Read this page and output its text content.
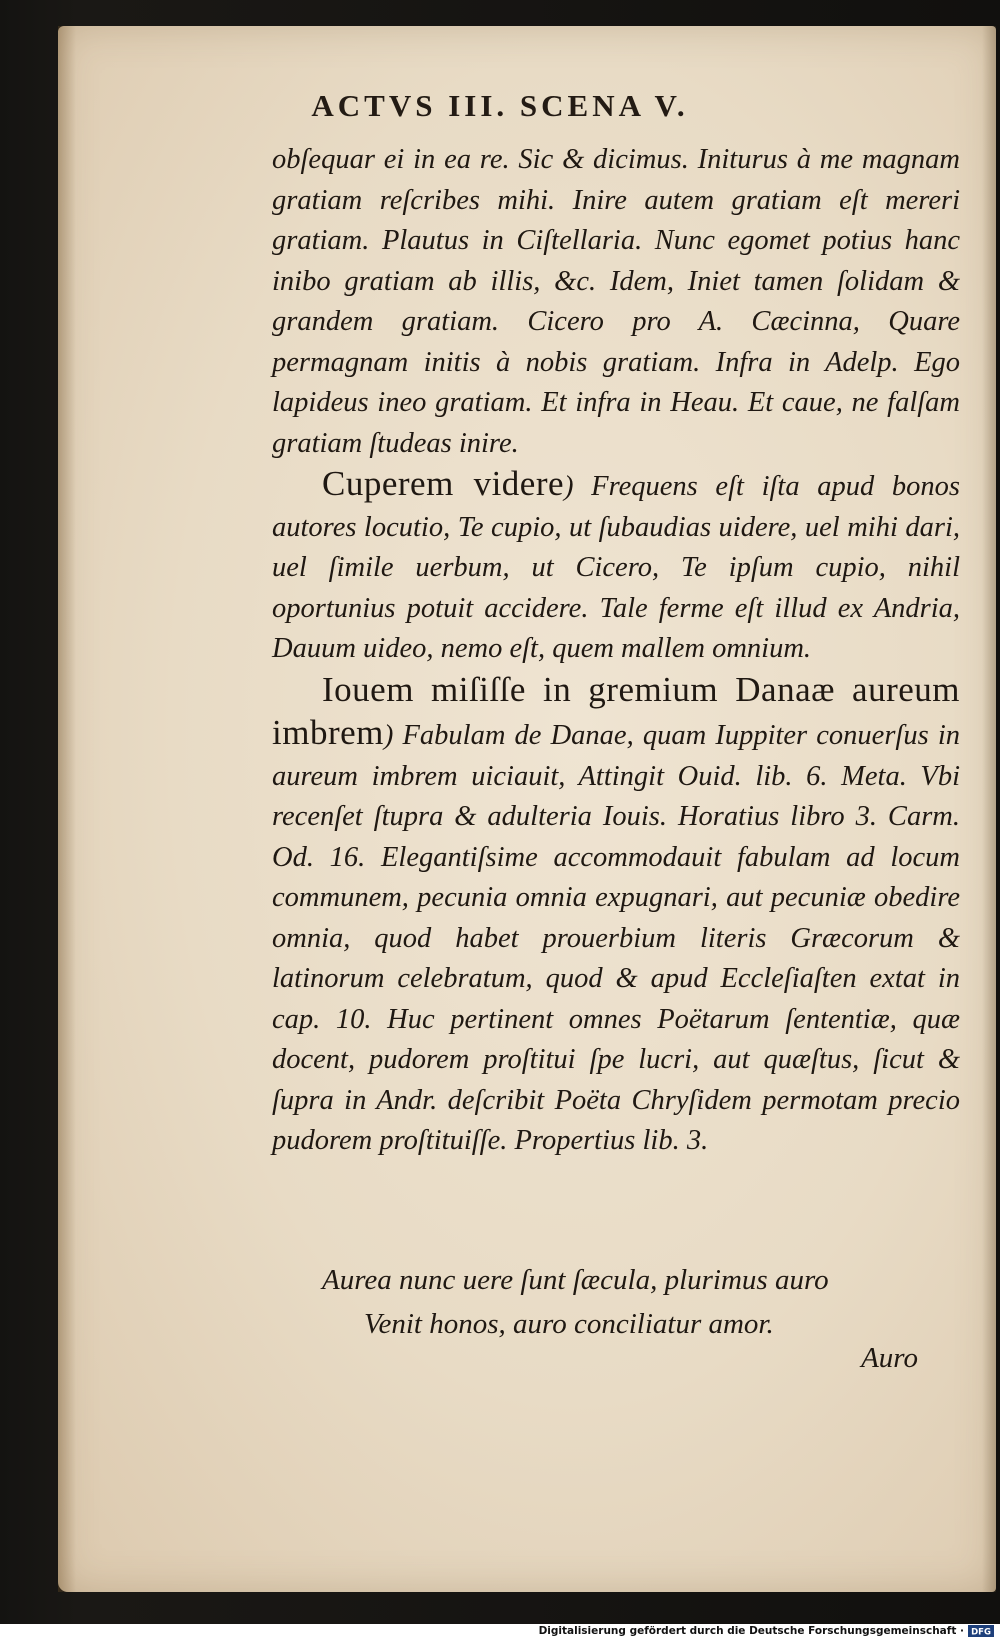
ACTVS III. SCENA V.

obſequar ei in ea re. Sic & dicimus. Initurus à me magnam gratiam reſcribes mihi. Inire autem gratiam eſt mereri gratiam. Plautus in Ciſtellaria. Nunc egomet potius hanc inibo gratiam ab illis, &c. Idem, Iniet tamen ſolidam & grandem gratiam. Cicero pro A. Cæcinna, Quare permagnam initis à nobis gratiam. Infra in Adelp. Ego lapideus ineo gratiam. Et infra in Heau. Et caue, ne falſam gratiam ſtudeas inire.

Cuperem videre) Frequens eſt iſta apud bonos autores locutio, Te cupio, ut ſubaudias uidere, uel mihi dari, uel ſimile uerbum, ut Cicero, Te ipſum cupio, nihil oportunius potuit accidere. Tale ferme eſt illud ex Andria, Dauum uideo, nemo eſt, quem mallem omnium.

Iouem miſiſſe in gremium Danaæ aureum imbrem) Fabulam de Danae, quam Iuppiter conuerſus in aureum imbrem uiciauit, Attingit Ouid. lib. 6. Meta. Vbi recenſet ſtupra & adulteria Iouis. Horatius libro 3. Carm. Od. 16. Elegantiſsime accommodauit fabulam ad locum communem, pecunia omnia expugnari, aut pecuniæ obedire omnia, quod habet prouerbium literis Græcorum & latinorum celebratum, quod & apud Eccleſiaſten extat in cap. 10. Huc pertinent omnes Poëtarum ſententiæ, quæ docent, pudorem proſtitui ſpe lucri, aut quæſtus, ſicut & ſupra in Andr. deſcribit Poëta Chryſidem permotam precio pudorem proſtituiſſe. Propertius lib. 3.

Aurea nunc uere ſunt ſæcula, plurimus auro
Venit honos, auro conciliatur amor.
Auro
Digitalisierung gefördert durch die Deutsche Forschungsgemeinschaft · DFG
